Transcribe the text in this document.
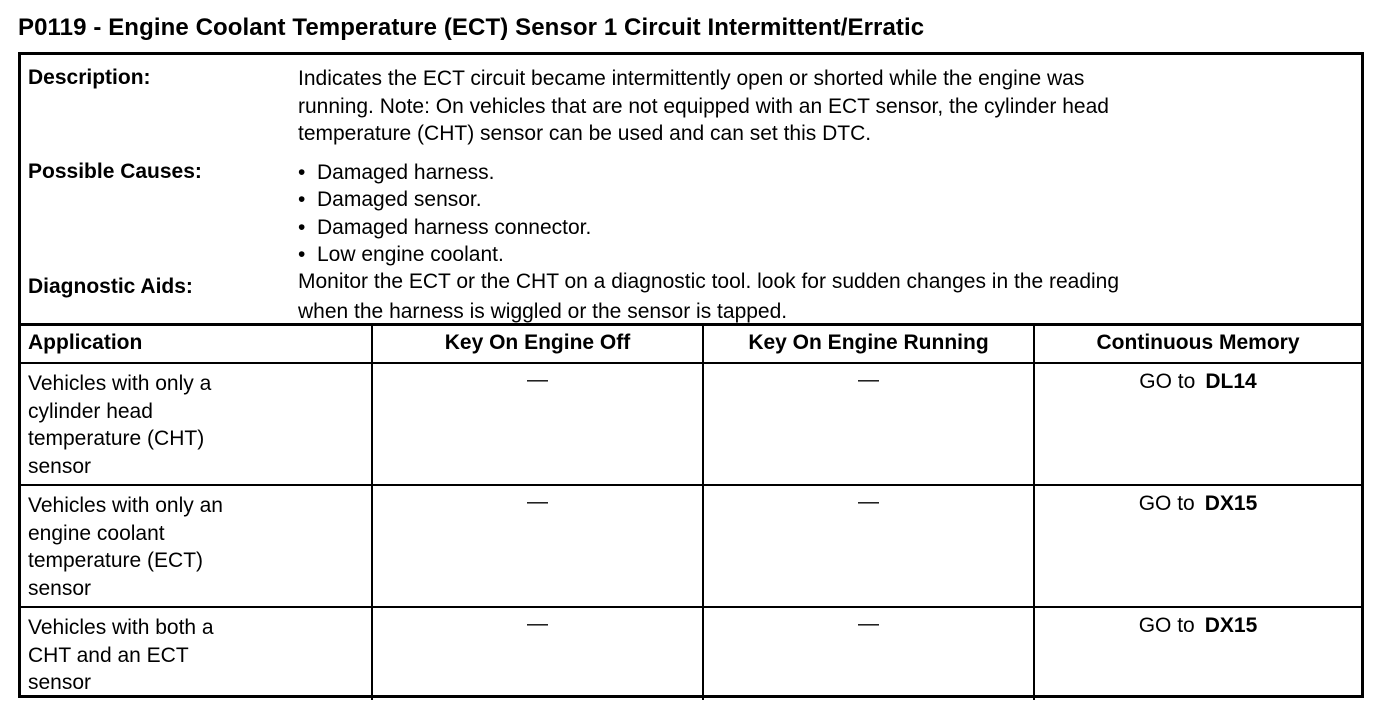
P0119 - Engine Coolant Temperature (ECT) Sensor 1 Circuit Intermittent/Erratic
Description:	Indicates the ECT circuit became intermittently open or shorted while the engine was
running. Note: On vehicles that are not equipped with an ECT sensor, the cylinder head
temperature (CHT) sensor can be used and can set this DTC.
Possible Causes:	• Damaged harness.
• Damaged sensor.
• Damaged harness connector.
• Low engine coolant.
Diagnostic Aids:	Monitor the ECT or the CHT on a diagnostic tool. look for sudden changes in the reading
when the harness is wiggled or the sensor is tapped.
Application	Key On Engine Off	Key On Engine Running	Continuous Memory

Vehicles with only a
cylinder head
temperature (CHT)
sensor	—	—	GO to DL14

Vehicles with only an
engine coolant
temperature (ECT)
sensor	—	—	GO to DX15

Vehicles with both a
CHT and an ECT
sensor	—	—	GO to DX15
